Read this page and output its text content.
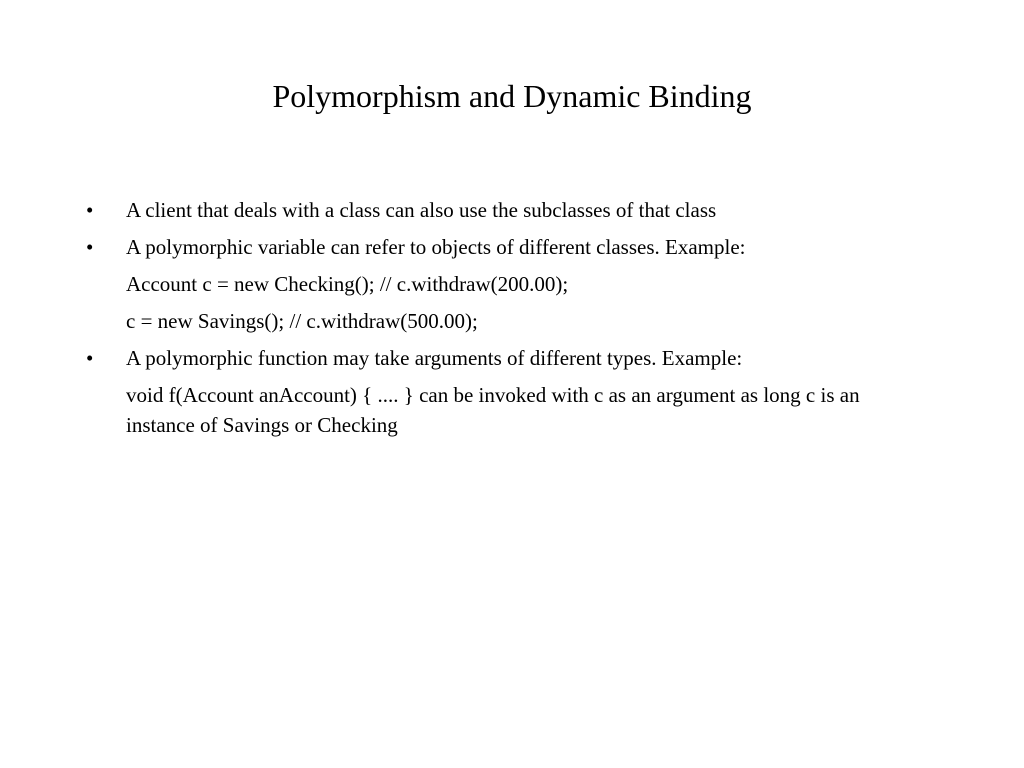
Polymorphism and Dynamic Binding
• A client that deals with a class can also use the subclasses of that class
• A polymorphic variable can refer to objects of different classes. Example:
Account c = new Checking(); // c.withdraw(200.00);
c = new Savings(); // c.withdraw(500.00);
• A polymorphic function may take arguments of different types. Example:
void f(Account anAccount) { .... } can be invoked with c as an argument as long c is an instance of Savings or Checking
